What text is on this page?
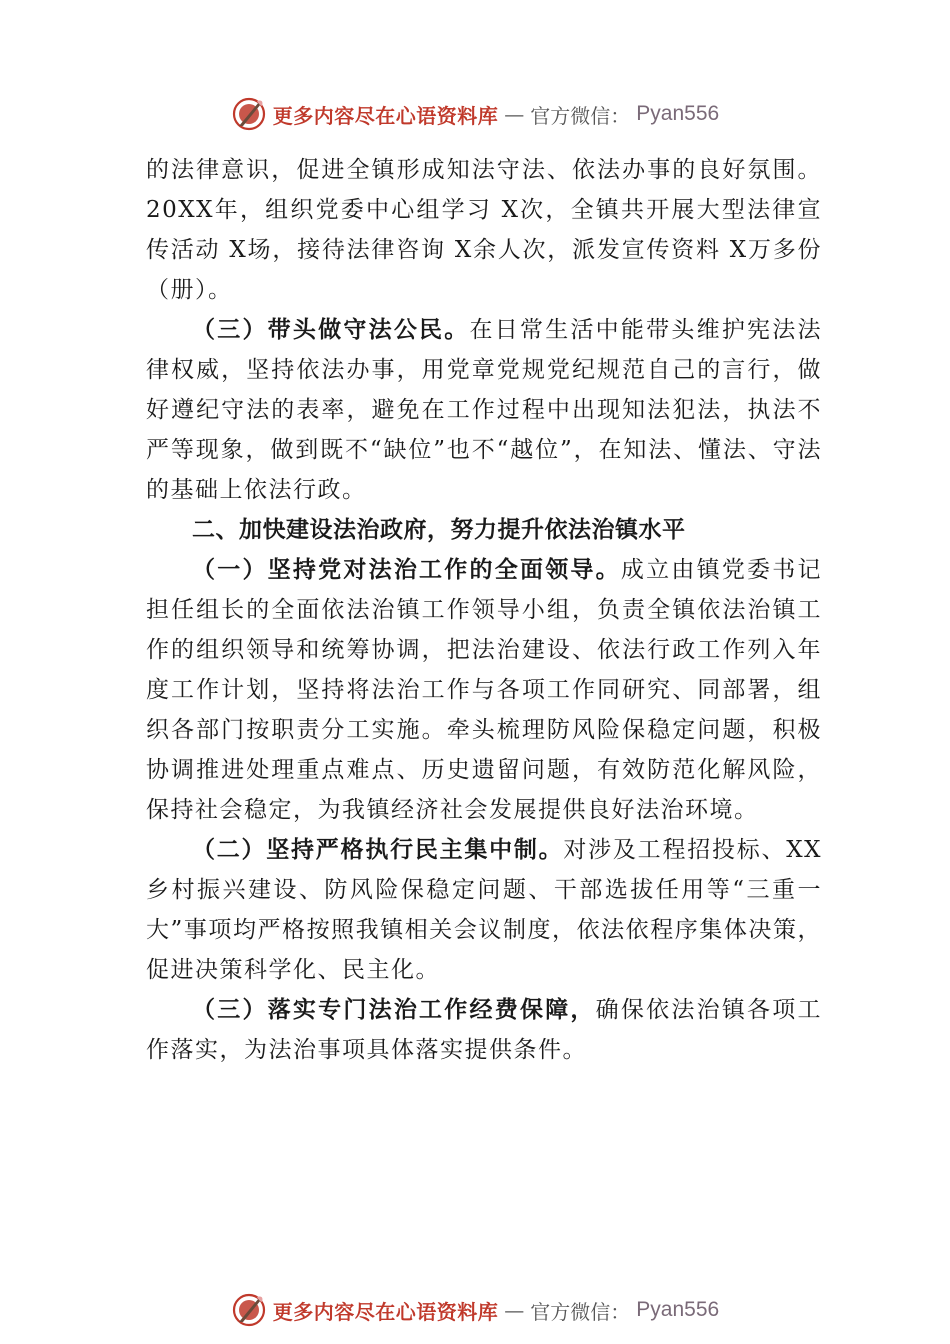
更多内容尽在心语资料库 — 官方微信： Pyan556

的法律意识，促进全镇形成知法守法、依法办事的良好氛围。20XX年，组织党委中心组学习 X次，全镇共开展大型法律宣传活动 X场，接待法律咨询 X余人次，派发宣传资料 X万多份（册）。

（三）带头做守法公民。在日常生活中能带头维护宪法法律权威，坚持依法办事，用党章党规党纪规范自己的言行，做好遵纪守法的表率，避免在工作过程中出现知法犯法，执法不严等现象，做到既不“缺位”也不“越位”，在知法、懂法、守法的基础上依法行政。

二、加快建设法治政府，努力提升依法治镇水平

（一）坚持党对法治工作的全面领导。成立由镇党委书记担任组长的全面依法治镇工作领导小组，负责全镇依法治镇工作的组织领导和统筹协调，把法治建设、依法行政工作列入年度工作计划，坚持将法治工作与各项工作同研究、同部署，组织各部门按职责分工实施。牵头梳理防风险保稳定问题，积极协调推进处理重点难点、历史遗留问题，有效防范化解风险，保持社会稳定，为我镇经济社会发展提供良好法治环境。

（二）坚持严格执行民主集中制。对涉及工程招投标、XX乡村振兴建设、防风险保稳定问题、干部选拔任用等“三重一大”事项均严格按照我镇相关会议制度，依法依程序集体决策，促进决策科学化、民主化。

（三）落实专门法治工作经费保障，确保依法治镇各项工作落实，为法治事项具体落实提供条件。

更多内容尽在心语资料库 — 官方微信： Pyan556
